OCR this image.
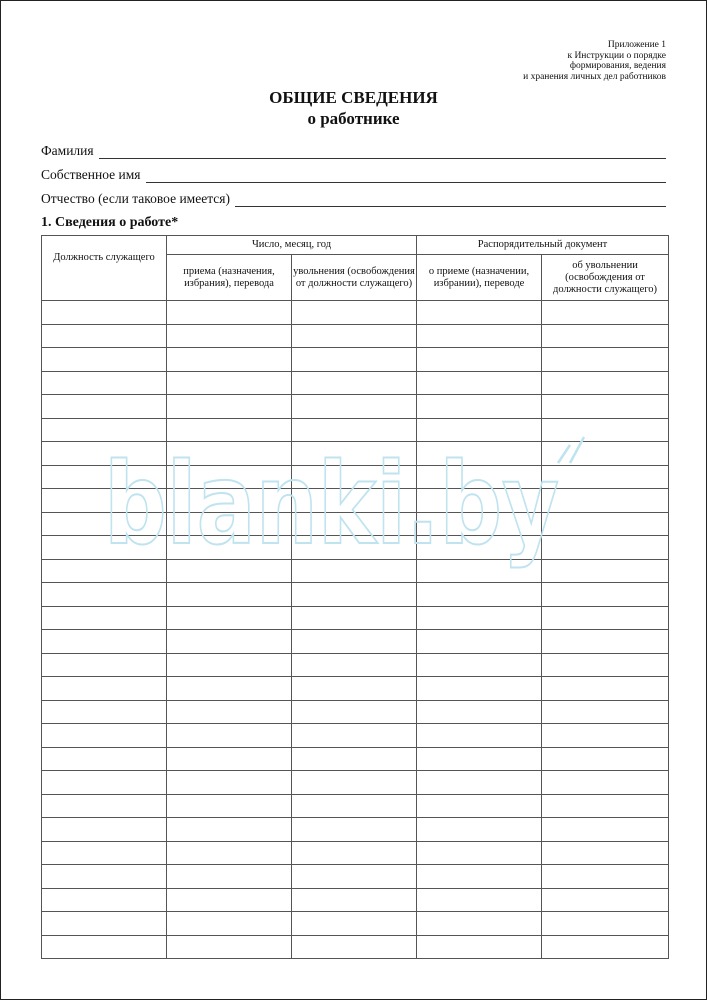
Приложение 1
к Инструкции о порядке
формирования, ведения
и хранения личных дел работников
ОБЩИЕ СВЕДЕНИЯ
о работнике
Фамилия
Собственное имя
Отчество (если таковое имеется)
1. Сведения о работе*
Должность служащего	Число, месяц, год		Распорядительный документ	
	приема (назначения, избрания), перевода	увольнения (освобождения от должности служащего)	о приеме (назначении, избрании), переводе	об увольнении (освобождения от должности служащего)

blanki.by
